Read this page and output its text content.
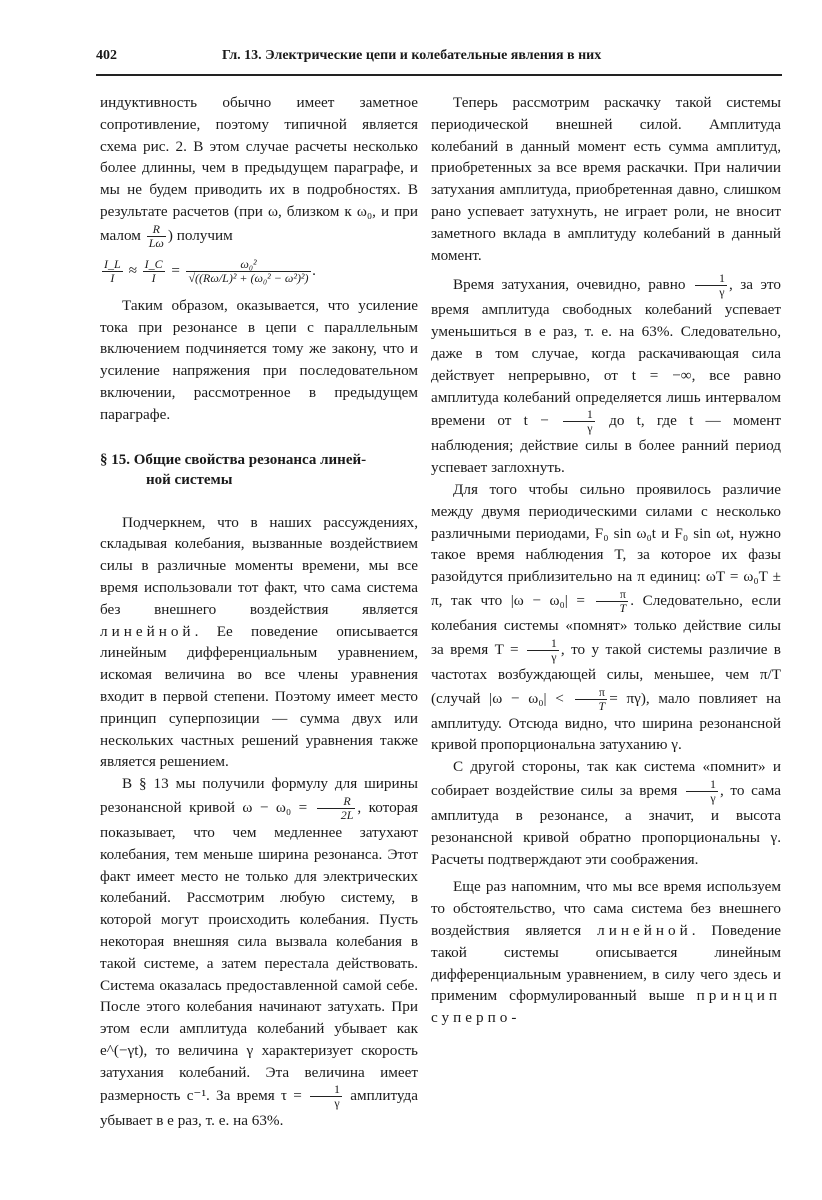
402	Гл. 13. Электрические цепи и колебательные явления в них

индуктивность обычно имеет заметное сопротивление, поэтому типичной является схема рис. 2. В этом случае расчеты несколько более длинны, чем в предыдущем параграфе, и мы не будем приводить их в подробностях. В результате расчетов (при ω, близком к ω₀, и при малом $\frac{R}{L\omega}$ ) получим

$\frac{I\_L}{I} \approx \frac{I\_C}{I} = \frac{\text{ω₀²}}{\text{√((Rω/L)² + (ω₀² − ω²)²)}}$ .

Таким образом, оказывается, что усиление тока при резонансе в цепи с параллельным включением подчиняется тому же закону, что и усиление напряжения при последовательном включении, рассмотренное в предыдущем параграфе.

§ 15. Общие свойства резонанса линей-
ной системы

Подчеркнем, что в наших рассуждениях, складывая колебания, вызванные воздействием силы в различные моменты времени, мы все время использовали тот факт, что сама система без внешнего воздействия является линейной. Ее поведение описывается линейным дифференциальным уравнением, искомая величина во все члены уравнения входит в первой степени. Поэтому имеет место принцип суперпозиции — сумма двух или нескольких частных решений уравнения также является решением.

В § 13 мы получили формулу для ширины резонансной кривой $\omega - \omega_0 = \frac{R}{2L}$ , которая показывает, что чем медленнее затухают колебания, тем меньше ширина резонанса. Этот факт имеет место не только для электрических колебаний. Рассмотрим любую систему, в которой могут происходить колебания. Пусть некоторая внешняя сила вызвала колебания в такой системе, а затем перестала действовать. Система оказалась предоставленной самой себе. После этого колебания начинают затухать. При этом если амплитуда колебаний убывает как e^(−γt), то величина γ характеризует скорость затухания колебаний. Эта величина имеет размерность с⁻¹. За время $\tau = \frac{1}{\gamma}$ амплитуда убывает в e раз, т. е. на 63%.

Теперь рассмотрим раскачку такой системы периодической внешней силой. Амплитуда колебаний в данный момент есть сумма амплитуд, приобретенных за все время раскачки. При наличии затухания амплитуда, приобретенная давно, слишком рано успевает затухнуть, не играет роли, не вносит заметного вклада в амплитуду колебаний в данный момент.

Время затухания, очевидно, равно $\frac{1}{\gamma}$ , за это время амплитуда свободных колебаний успевает уменьшиться в e раз, т. е. на 63%. Следовательно, даже в том случае, когда раскачивающая сила действует непрерывно, от t = −∞, все равно амплитуда колебаний определяется лишь интервалом времени от $t - \frac{1}{\gamma}$ до t, где t — момент наблюдения; действие силы в более ранний период успевает заглохнуть.

Для того чтобы сильно проявилось различие между двумя периодическими силами с несколько различными периодами, F₀ sin ω₀t и F₀ sin ωt, нужно такое время наблюдения T, за которое их фазы разойдутся приблизительно на π единиц: ωT = ω₀T ± π, так что $|\omega - \omega_0| = \frac{\pi}{T}$ . Следовательно, если колебания системы «помнят» только действие силы за время $T = \frac{1}{\gamma}$ , то у такой системы различие в частотах возбуждающей силы, меньшее, чем π/T (случай $|\omega - \omega_0| < \frac{\pi}{T} = \pi\gamma$), мало повлияет на амплитуду. Отсюда видно, что ширина резонансной кривой пропорциональна затуханию γ.

С другой стороны, так как система «помнит» и собирает воздействие силы за время $\frac{1}{\gamma}$ , то сама амплитуда в резонансе, а значит, и высота резонансной кривой обратно пропорциональны γ. Расчеты подтверждают эти соображения.

Еще раз напомним, что мы все время используем то обстоятельство, что сама система без внешнего воздействия является линейной. Поведение такой системы описывается линейным дифференциальным уравнением, в силу чего здесь и применим сформулированный выше принцип суперпо-
